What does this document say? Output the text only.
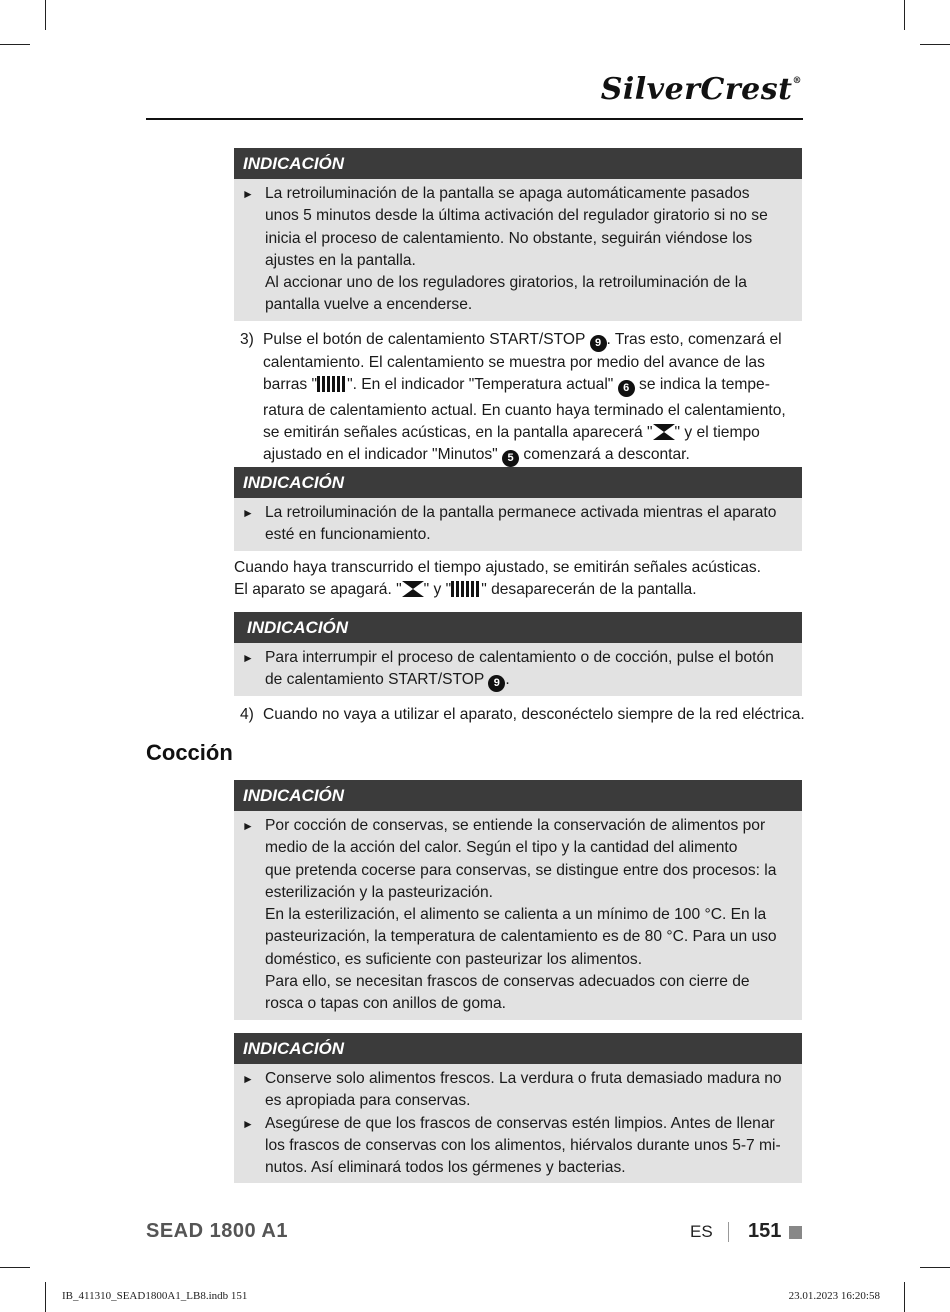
SilverCrest®
INDICACIÓN
► La retroiluminación de la pantalla se apaga automáticamente pasados
unos 5 minutos desde la última activación del regulador giratorio si no se
inicia el proceso de calentamiento. No obstante, seguirán viéndose los
ajustes en la pantalla.
Al accionar uno de los reguladores giratorios, la retroiluminación de la
pantalla vuelve a encenderse.
3) Pulse el botón de calentamiento START/STOP 9 . Tras esto, comenzará el
calentamiento. El calentamiento se muestra por medio del avance de las
barras " ". En el indicador "Temperatura actual" 6 se indica la tempe-
ratura de calentamiento actual. En cuanto haya terminado el calentamiento,
se emitirán señales acústicas, en la pantalla aparecerá " " y el tiempo
ajustado en el indicador "Minutos" 5 comenzará a descontar.
INDICACIÓN
► La retroiluminación de la pantalla permanece activada mientras el aparato
esté en funcionamiento.
Cuando haya transcurrido el tiempo ajustado, se emitirán señales acústicas.
El aparato se apagará. " " y " " desaparecerán de la pantalla.
INDICACIÓN
► Para interrumpir el proceso de calentamiento o de cocción, pulse el botón
de calentamiento START/STOP 9 .
4) Cuando no vaya a utilizar el aparato, desconéctelo siempre de la red eléctrica.
Cocción
INDICACIÓN
► Por cocción de conservas, se entiende la conservación de alimentos por
medio de la acción del calor. Según el tipo y la cantidad del alimento
que pretenda cocerse para conservas, se distingue entre dos procesos: la
esterilización y la pasteurización.
En la esterilización, el alimento se calienta a un mínimo de 100 °C. En la
pasteurización, la temperatura de calentamiento es de 80 °C. Para un uso
doméstico, es suficiente con pasteurizar los alimentos.
Para ello, se necesitan frascos de conservas adecuados con cierre de
rosca o tapas con anillos de goma.
INDICACIÓN
► Conserve solo alimentos frescos. La verdura o fruta demasiado madura no
es apropiada para conservas.
► Asegúrese de que los frascos de conservas estén limpios. Antes de llenar
los frascos de conservas con los alimentos, hiérvalos durante unos 5-7 mi-
nutos. Así eliminará todos los gérmenes y bacterias.
SEAD 1800 A1	ES 151
IB_411310_SEAD1800A1_LB8.indb 151	23.01.2023 16:20:58
